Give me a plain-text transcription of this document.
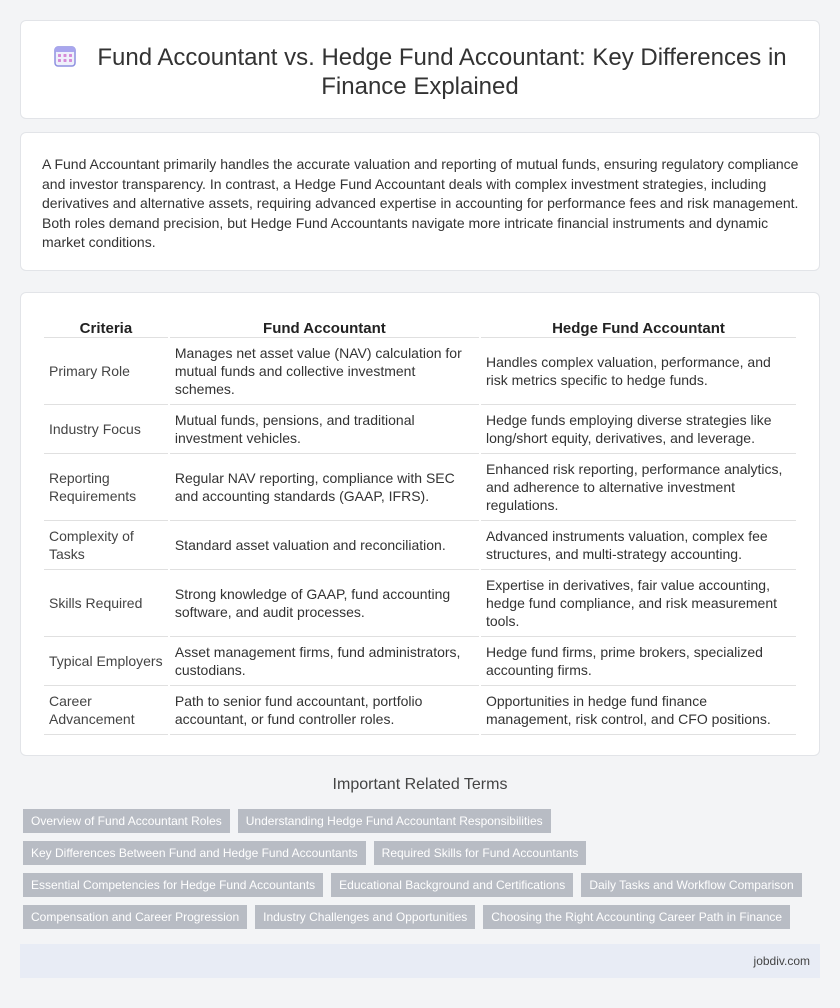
Fund Accountant vs. Hedge Fund Accountant: Key Differences in Finance Explained

A Fund Accountant primarily handles the accurate valuation and reporting of mutual funds, ensuring regulatory compliance and investor transparency. In contrast, a Hedge Fund Accountant deals with complex investment strategies, including derivatives and alternative assets, requiring advanced expertise in accounting for performance fees and risk management. Both roles demand precision, but Hedge Fund Accountants navigate more intricate financial instruments and dynamic market conditions.

Criteria	Fund Accountant	Hedge Fund Accountant
Primary Role	Manages net asset value (NAV) calculation for mutual funds and collective investment schemes.	Handles complex valuation, performance, and risk metrics specific to hedge funds.
Industry Focus	Mutual funds, pensions, and traditional investment vehicles.	Hedge funds employing diverse strategies like long/short equity, derivatives, and leverage.
Reporting Requirements	Regular NAV reporting, compliance with SEC and accounting standards (GAAP, IFRS).	Enhanced risk reporting, performance analytics, and adherence to alternative investment regulations.
Complexity of Tasks	Standard asset valuation and reconciliation.	Advanced instruments valuation, complex fee structures, and multi-strategy accounting.
Skills Required	Strong knowledge of GAAP, fund accounting software, and audit processes.	Expertise in derivatives, fair value accounting, hedge fund compliance, and risk measurement tools.
Typical Employers	Asset management firms, fund administrators, custodians.	Hedge fund firms, prime brokers, specialized accounting firms.
Career Advancement	Path to senior fund accountant, portfolio accountant, or fund controller roles.	Opportunities in hedge fund finance management, risk control, and CFO positions.
Important Related Terms
Overview of Fund Accountant Roles	Understanding Hedge Fund Accountant Responsibilities
Key Differences Between Fund and Hedge Fund Accountants	Required Skills for Fund Accountants
Essential Competencies for Hedge Fund Accountants	Educational Background and Certifications	Daily Tasks and Workflow Comparison
Compensation and Career Progression	Industry Challenges and Opportunities	Choosing the Right Accounting Career Path in Finance
jobdiv.com
